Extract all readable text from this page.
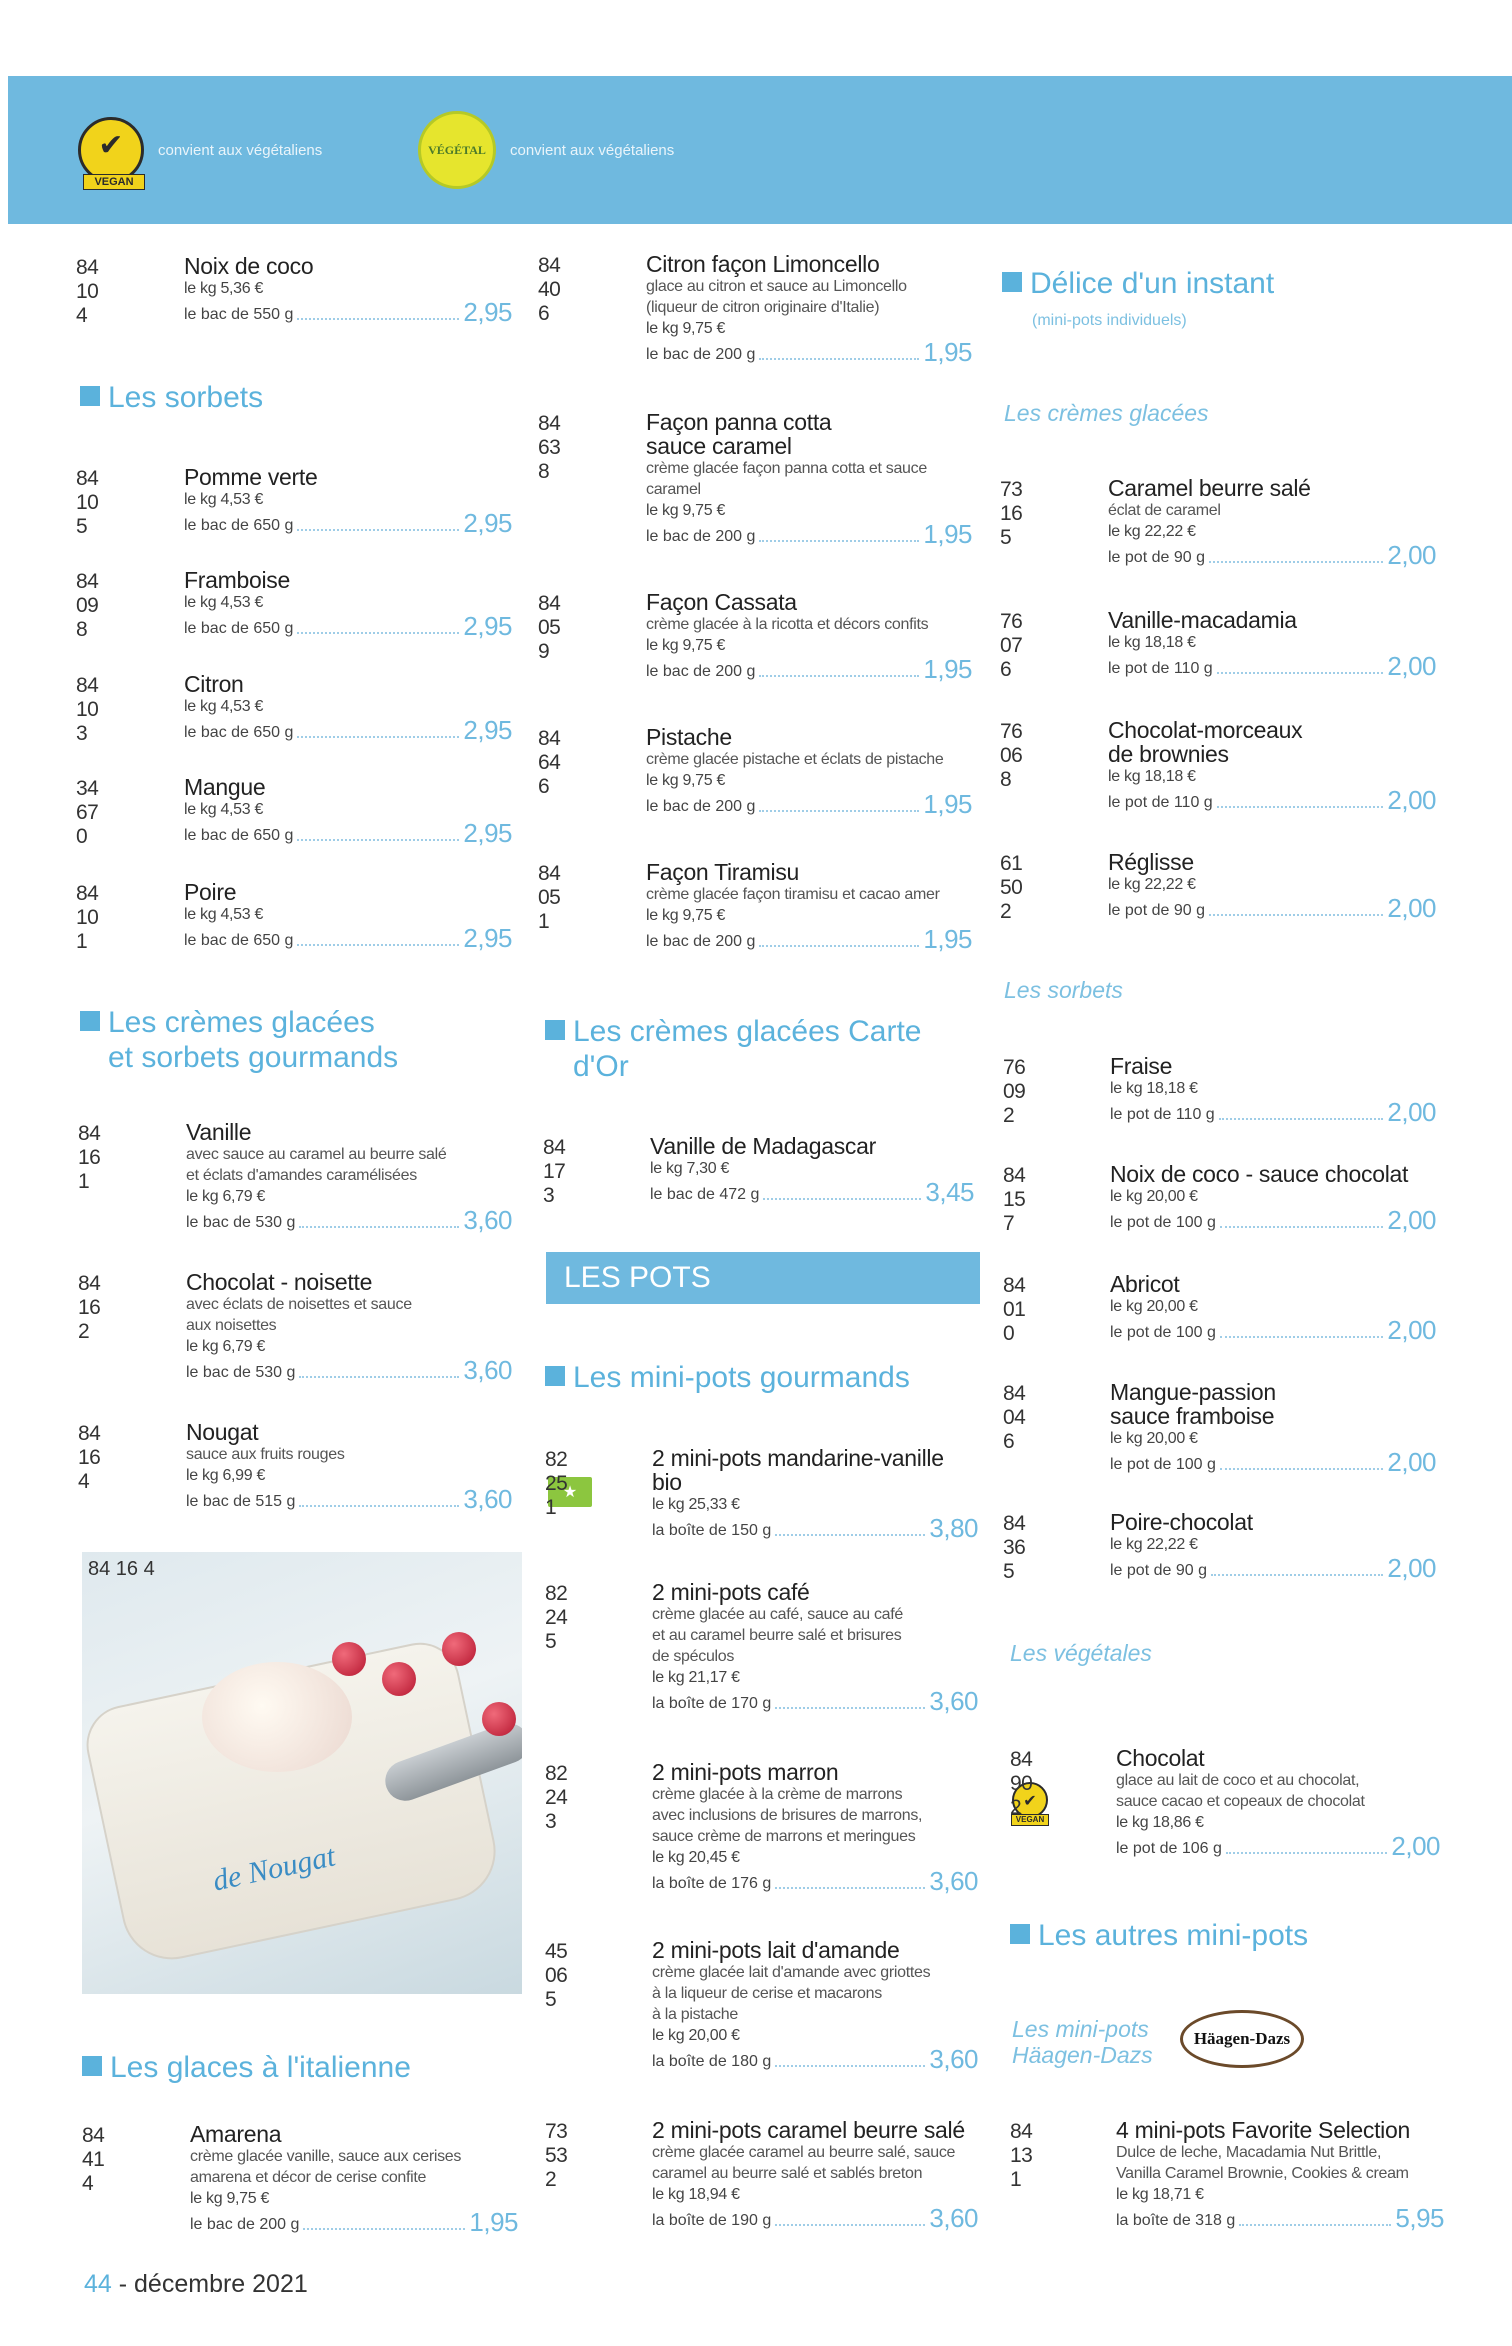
✔
VEGAN
convient aux végétaliens	VÉGÉTAL	convient aux végétaliens
Les sorbets
Les crèmes glacées
et sorbets gourmands
Les glaces à l'italienne
Les crèmes glacées Carte
d'Or
LES POTS
Les mini-pots gourmands
Délice d'un instant
(mini-pots individuels)
Les crèmes glacées
Les sorbets
Les végétales
Les autres mini-pots
Les mini-pots
Häagen-Dazs
Häagen-Dazs
84 16 4
de Nougat
★
✔
VEGAN
84 10 4
Noix de coco
le kg 5,36 €
le bac de 550 g	2,95
84 10 5
Pomme verte
le kg 4,53 €
le bac de 650 g	2,95
84 09 8
Framboise
le kg 4,53 €
le bac de 650 g	2,95
84 10 3
Citron
le kg 4,53 €
le bac de 650 g	2,95
34 67 0
Mangue
le kg 4,53 €
le bac de 650 g	2,95
84 10 1
Poire
le kg 4,53 €
le bac de 650 g	2,95
84 16 1
Vanille
avec sauce au caramel au beurre salé
et éclats d'amandes caramélisées
le kg 6,79 €
le bac de 530 g	3,60
84 16 2
Chocolat - noisette
avec éclats de noisettes et sauce
aux noisettes
le kg 6,79 €
le bac de 530 g	3,60
84 16 4
Nougat
sauce aux fruits rouges
le kg 6,99 €
le bac de 515 g	3,60
84 41 4
Amarena
crème glacée vanille, sauce aux cerises
amarena et décor de cerise confite
le kg 9,75 €
le bac de 200 g	1,95
84 40 6
Citron façon Limoncello
glace au citron et sauce au Limoncello
(liqueur de citron originaire d'Italie)
le kg 9,75 €
le bac de 200 g	1,95
84 63 8
Façon panna cotta
sauce caramel
crème glacée façon panna cotta et sauce
caramel
le kg 9,75 €
le bac de 200 g	1,95
84 05 9
Façon Cassata
crème glacée à la ricotta et décors confits
le kg 9,75 €
le bac de 200 g	1,95
84 64 6
Pistache
crème glacée pistache et éclats de pistache
le kg 9,75 €
le bac de 200 g	1,95
84 05 1
Façon Tiramisu
crème glacée façon tiramisu et cacao amer
le kg 9,75 €
le bac de 200 g	1,95
84 17 3
Vanille de Madagascar
le kg 7,30 €
le bac de 472 g	3,45
82 25 1
2 mini-pots mandarine-vanille
bio
le kg 25,33 €
la boîte de 150 g	3,80
82 24 5
2 mini-pots café
crème glacée au café, sauce au café
et au caramel beurre salé et brisures
de spéculos
le kg 21,17 €
la boîte de 170 g	3,60
82 24 3
2 mini-pots marron
crème glacée à la crème de marrons
avec inclusions de brisures de marrons,
sauce crème de marrons et meringues
le kg 20,45 €
la boîte de 176 g	3,60
45 06 5
2 mini-pots lait d'amande
crème glacée lait d'amande avec griottes
à la liqueur de cerise et macarons
à la pistache
le kg 20,00 €
la boîte de 180 g	3,60
73 53 2
2 mini-pots caramel beurre salé
crème glacée caramel au beurre salé, sauce
caramel au beurre salé et sablés breton
le kg 18,94 €
la boîte de 190 g	3,60
73 16 5
Caramel beurre salé
éclat de caramel
le kg 22,22 €
le pot de 90 g	2,00
76 07 6
Vanille-macadamia
le kg 18,18 €
le pot de 110 g	2,00
76 06 8
Chocolat-morceaux
de brownies
le kg 18,18 €
le pot de 110 g	2,00
61 50 2
Réglisse
le kg 22,22 €
le pot de 90 g	2,00
76 09 2
Fraise
le kg 18,18 €
le pot de 110 g	2,00
84 15 7
Noix de coco - sauce chocolat
le kg 20,00 €
le pot de 100 g	2,00
84 01 0
Abricot
le kg 20,00 €
le pot de 100 g	2,00
84 04 6
Mangue-passion
sauce framboise
le kg 20,00 €
le pot de 100 g	2,00
84 36 5
Poire-chocolat
le kg 22,22 €
le pot de 90 g	2,00
84 90 2
Chocolat
glace au lait de coco et au chocolat,
sauce cacao et copeaux de chocolat
le kg 18,86 €
le pot de 106 g	2,00
84 13 1
4 mini-pots Favorite Selection
Dulce de leche, Macadamia Nut Brittle,
Vanilla Caramel Brownie, Cookies & cream
le kg 18,71 €
la boîte de 318 g	5,95
44 - décembre 2021
